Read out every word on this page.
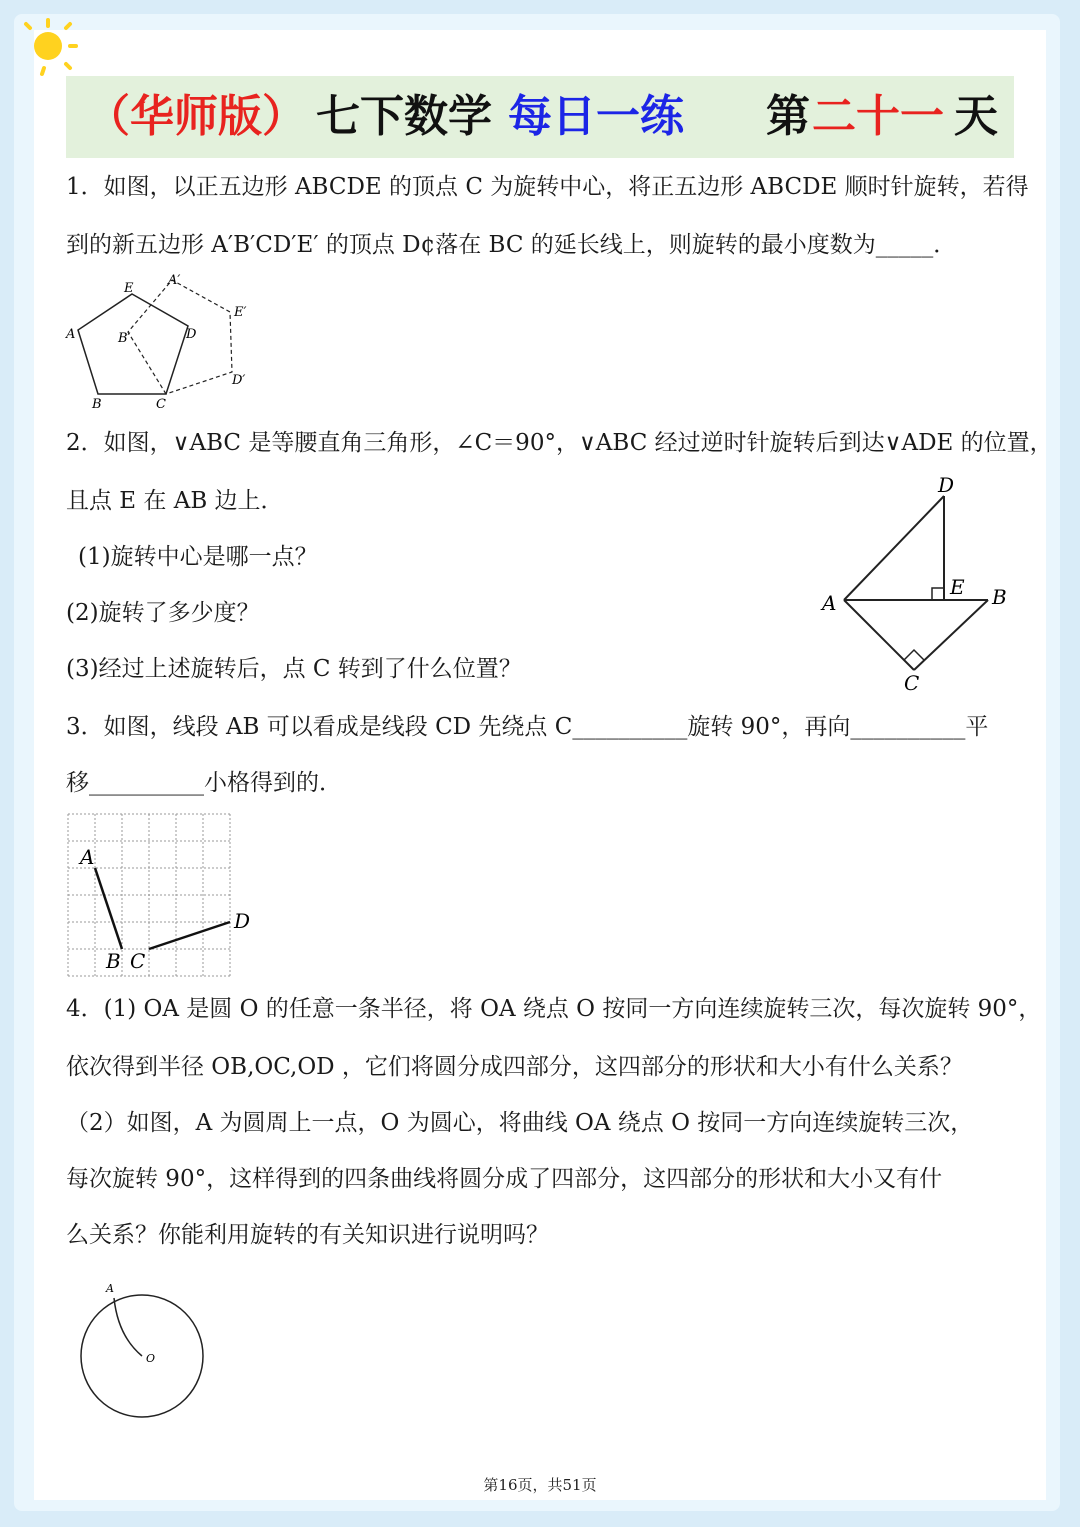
（华师版） 七下数学 每日一练 第 二十一 天
1．如图，以正五边形 ABCDE 的顶点 C 为旋转中心，将正五边形 ABCDE 顺时针旋转，若得
到的新五边形 A′B′CD′E′ 的顶点 D¢落在 BC 的延长线上，则旋转的最小度数为_____．
E
A′
E′
A	B′	D
D′
B	C
2．如图，∨ABC 是等腰直角三角形，∠C＝90°，∨ABC 经过逆时针旋转后到达∨ADE 的位置，
且点 E 在 AB 边上．
(1)旋转中心是哪一点？
(2)旋转了多少度？
(3)经过上述旋转后，点 C 转到了什么位置？
D
A
E B
C
3．如图，线段 AB 可以看成是线段 CD 先绕点 C__________旋转 90°，再向__________平
移__________小格得到的．
A
D
B C
4．(1) OA 是圆 O 的任意一条半径，将 OA 绕点 O 按同一方向连续旋转三次，每次旋转 90°，
依次得到半径 OB,OC,OD ，它们将圆分成四部分，这四部分的形状和大小有什么关系？
（2）如图，A 为圆周上一点，O 为圆心，将曲线 OA 绕点 O 按同一方向连续旋转三次，
每次旋转 90°，这样得到的四条曲线将圆分成了四部分，这四部分的形状和大小又有什
么关系？你能利用旋转的有关知识进行说明吗？
A
O
第16页，共51页
